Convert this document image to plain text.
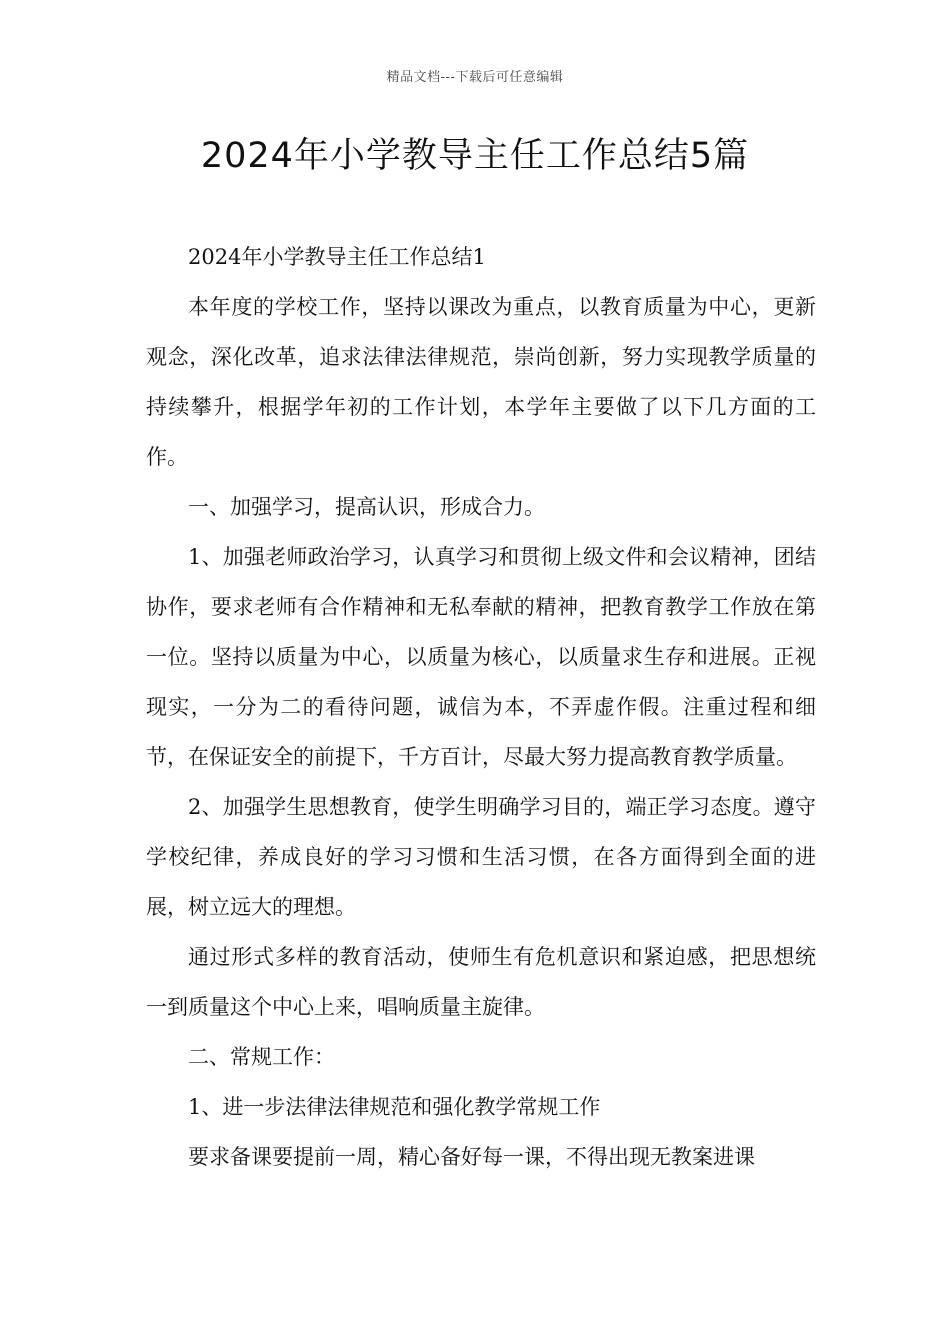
精品文档---下载后可任意编辑
2024年小学教导主任工作总结5篇

2024年小学教导主任工作总结1

本年度的学校工作，坚持以课改为重点，以教育质量为中心，更新观念，深化改革，追求法律法律规范，崇尚创新，努力实现教学质量的持续攀升，根据学年初的工作计划，本学年主要做了以下几方面的工作。

一、加强学习，提高认识，形成合力。

1、加强老师政治学习，认真学习和贯彻上级文件和会议精神，团结协作，要求老师有合作精神和无私奉献的精神，把教育教学工作放在第一位。坚持以质量为中心，以质量为核心，以质量求生存和进展。正视现实，一分为二的看待问题，诚信为本，不弄虚作假。注重过程和细节，在保证安全的前提下，千方百计，尽最大努力提高教育教学质量。

2、加强学生思想教育，使学生明确学习目的，端正学习态度。遵守学校纪律，养成良好的学习习惯和生活习惯，在各方面得到全面的进展，树立远大的理想。

通过形式多样的教育活动，使师生有危机意识和紧迫感，把思想统一到质量这个中心上来，唱响质量主旋律。

二、常规工作：

1、进一步法律法律规范和强化教学常规工作

要求备课要提前一周，精心备好每一课，不得出现无教案进课
